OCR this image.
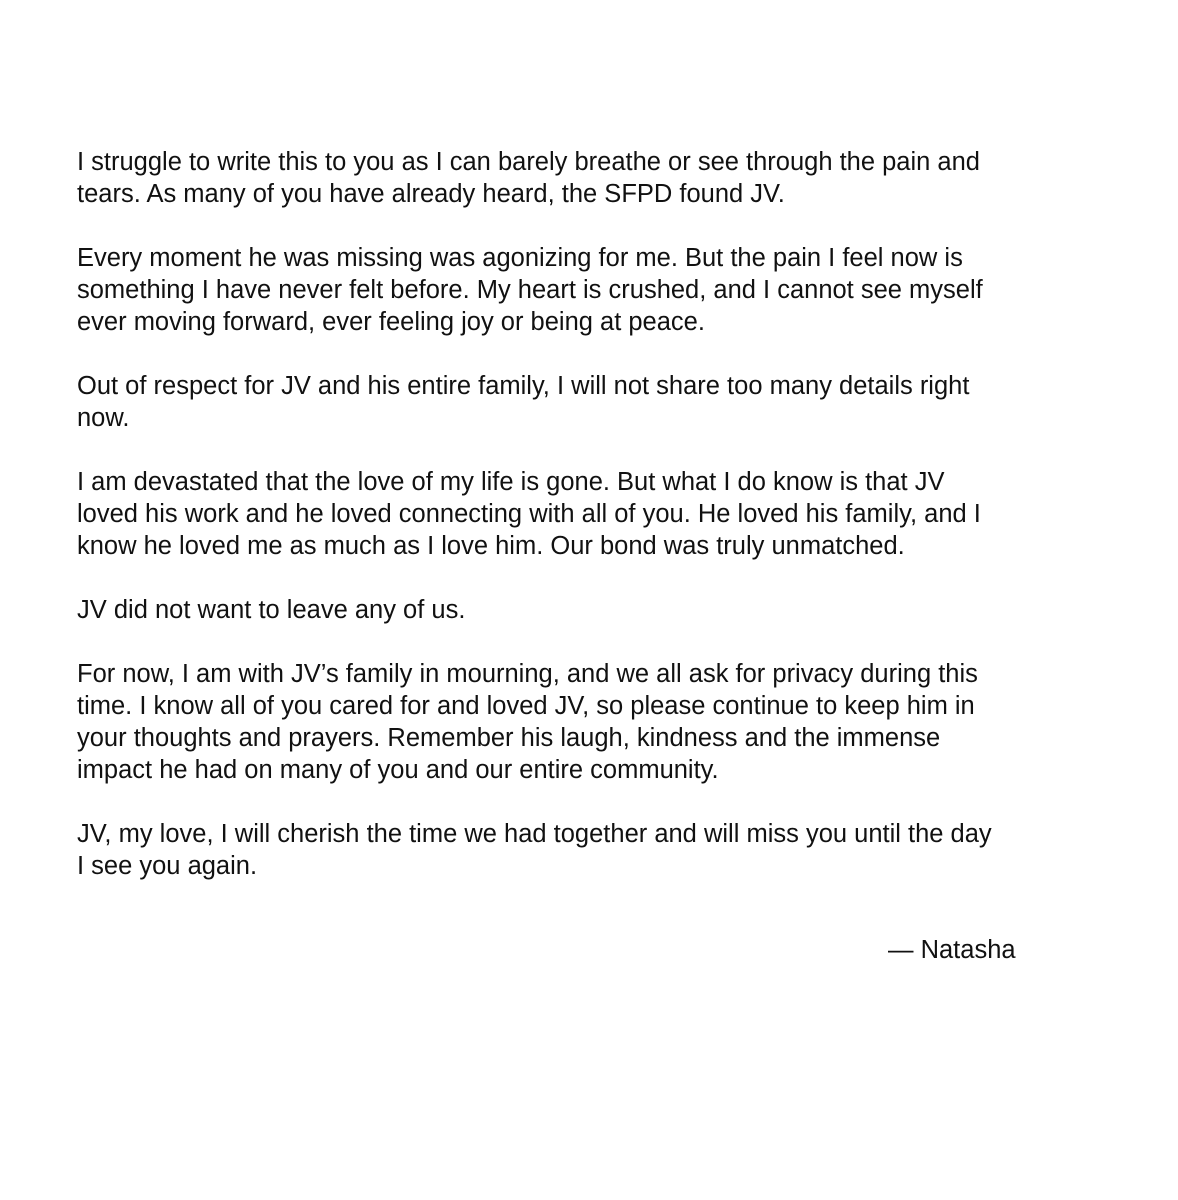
I struggle to write this to you as I can barely breathe or see through the pain and
tears. As many of you have already heard, the SFPD found JV.

Every moment he was missing was agonizing for me. But the pain I feel now is
something I have never felt before. My heart is crushed, and I cannot see myself
ever moving forward, ever feeling joy or being at peace.

Out of respect for JV and his entire family, I will not share too many details right
now.

I am devastated that the love of my life is gone. But what I do know is that JV
loved his work and he loved connecting with all of you. He loved his family, and I
know he loved me as much as I love him. Our bond was truly unmatched.

JV did not want to leave any of us.

For now, I am with JV’s family in mourning, and we all ask for privacy during this
time. I know all of you cared for and loved JV, so please continue to keep him in
your thoughts and prayers. Remember his laugh, kindness and the immense
impact he had on many of you and our entire community.

JV, my love, I will cherish the time we had together and will miss you until the day
I see you again.

— Natasha
